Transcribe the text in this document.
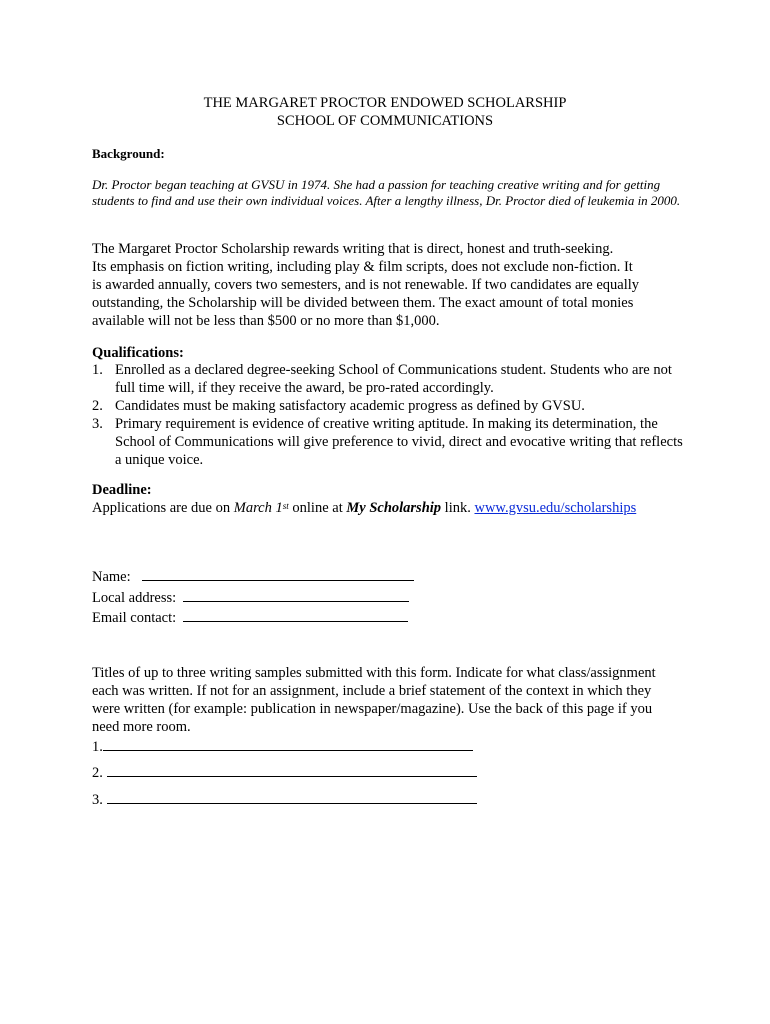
THE MARGARET PROCTOR ENDOWED SCHOLARSHIP
SCHOOL OF COMMUNICATIONS
Background:
Dr. Proctor began teaching at GVSU in 1974. She had a passion for teaching creative writing and for getting students to find and use their own individual voices. After a lengthy illness, Dr. Proctor died of leukemia in 2000.
The Margaret Proctor Scholarship rewards writing that is direct, honest and truth-seeking.
Its emphasis on fiction writing, including play & film scripts, does not exclude non-fiction. It
is awarded annually, covers two semesters, and is not renewable. If two candidates are equally
outstanding, the Scholarship will be divided between them. The exact amount of total monies
available will not be less than $500 or no more than $1,000.
Qualifications:
1. Enrolled as a declared degree-seeking School of Communications student. Students who are not full time will, if they receive the award, be pro-rated accordingly.
2. Candidates must be making satisfactory academic progress as defined by GVSU.
3. Primary requirement is evidence of creative writing aptitude. In making its determination, the School of Communications will give preference to vivid, direct and evocative writing that reflects a unique voice.
Deadline:
Applications are due on March 1st online at My Scholarship link. www.gvsu.edu/scholarships
Name:
Local address:
Email contact:
Titles of up to three writing samples submitted with this form. Indicate for what class/assignment each was written. If not for an assignment, include a brief statement of the context in which they were written (for example: publication in newspaper/magazine). Use the back of this page if you need more room.
1.
2.
3.
